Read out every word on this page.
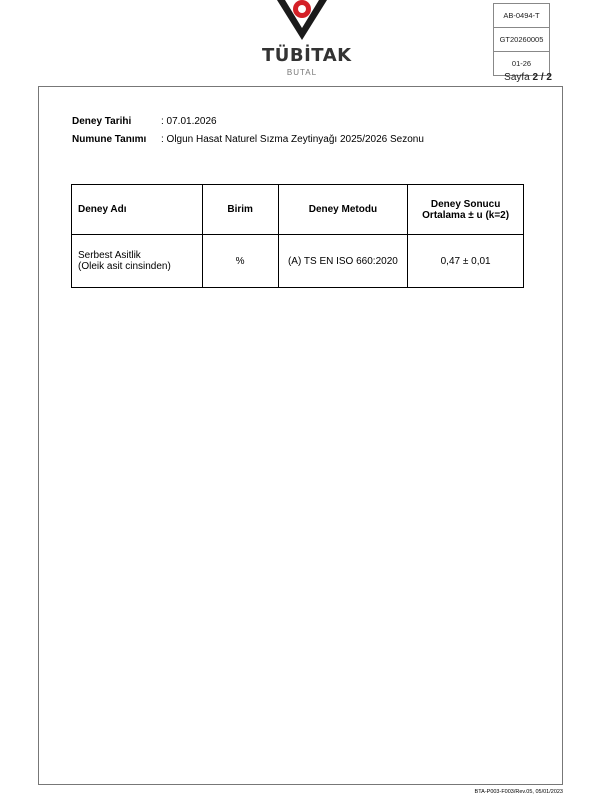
TÜBİTAK
BUTAL
AB-0494-T
GT20260005
01-26
Sayfa 2 / 2
Deney Tarihi	: 07.01.2026
Numune Tanımı : Olgun Hasat Naturel Sızma Zeytinyağı 2025/2026 Sezonu
Deney Adı	Birim	Deney Metodu	Deney Sonucu
Ortalama ± u (k=2)
Serbest Asitlik
(Oleik asit cinsinden)	%	(A) TS EN ISO 660:2020	0,47 ± 0,01
BTA-P003-F003/Rev.05, 05/01/2023
